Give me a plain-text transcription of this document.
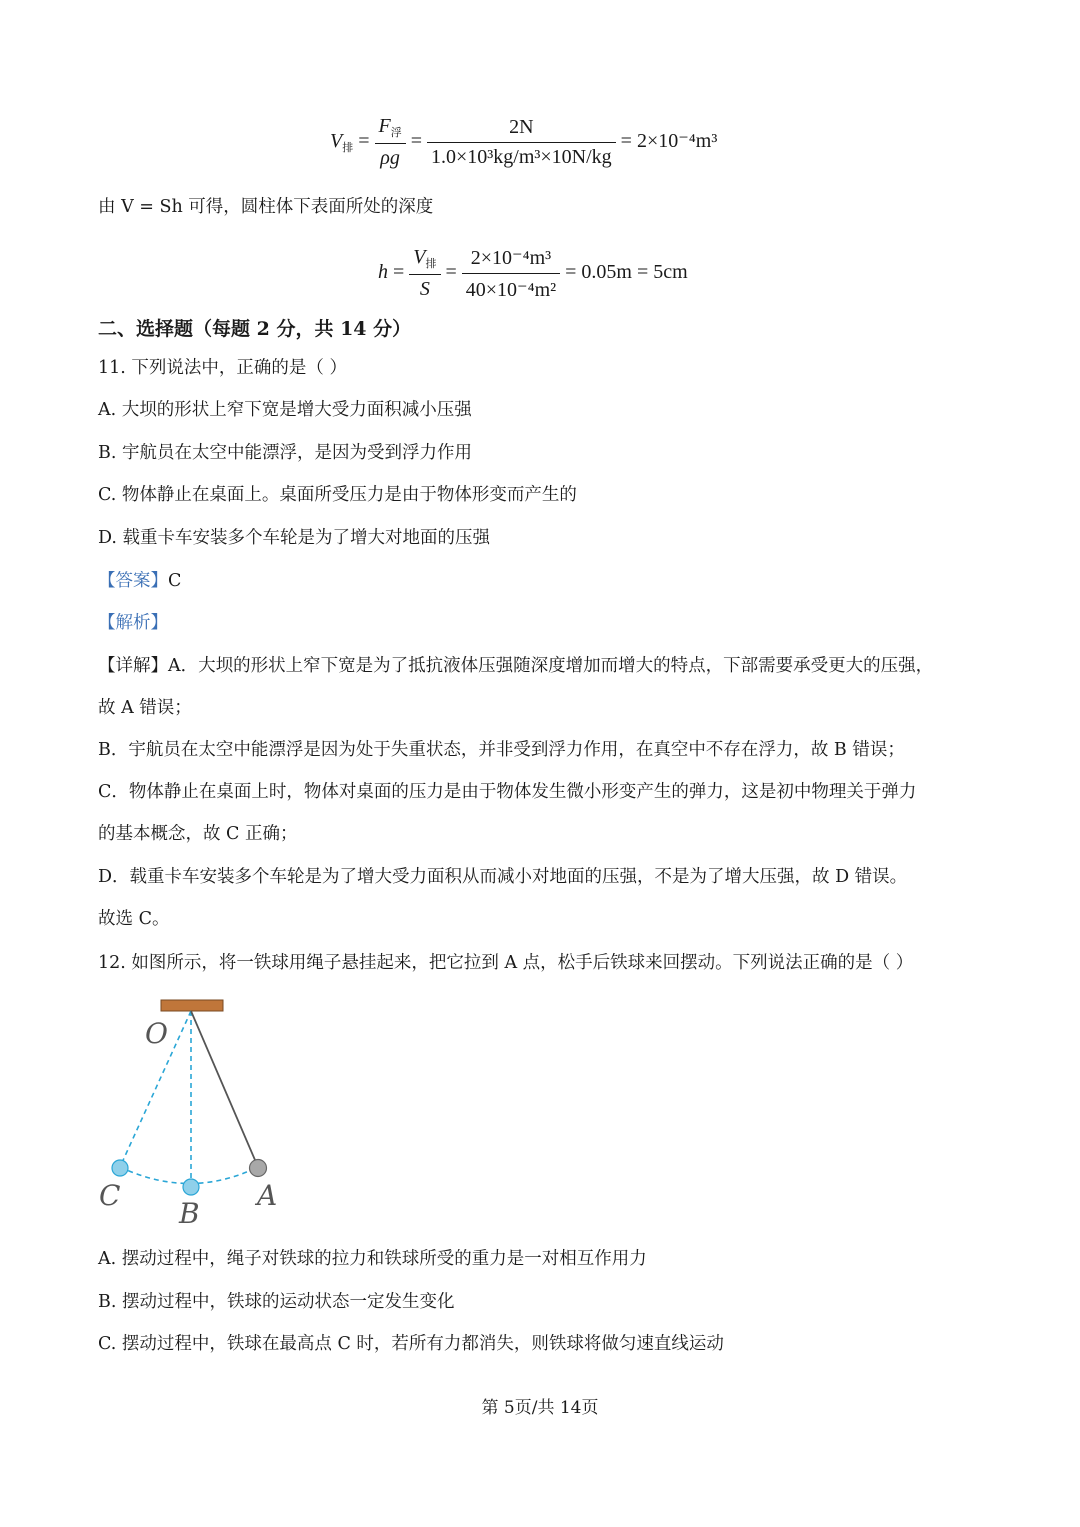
$V_排 = \frac{F_浮}{\rho g} = \frac{2N}{\text{1.0×10³kg/m³×10N/kg}} = 2\times 10^{-4}m^3$
由 V = Sh 可得，圆柱体下表面所处的深度
$h = \frac{V_排}{S} = \frac{\text{2×10⁻⁴m³}}{\text{40×10⁻⁴m²}} = 0.05m = 5cm$
二、选择题（每题 2 分，共 14 分）
11. 下列说法中，正确的是（ ）
A. 大坝的形状上窄下宽是增大受力面积减小压强
B. 宇航员在太空中能漂浮，是因为受到浮力作用
C. 物体静止在桌面上。桌面所受压力是由于物体形变而产生的
D. 载重卡车安装多个车轮是为了增大对地面的压强
【答案】C
【解析】
【详解】A．大坝的形状上窄下宽是为了抵抗液体压强随深度增加而增大的特点，下部需要承受更大的压强，
故 A 错误；
B．宇航员在太空中能漂浮是因为处于失重状态，并非受到浮力作用，在真空中不存在浮力，故 B 错误；
C．物体静止在桌面上时，物体对桌面的压力是由于物体发生微小形变产生的弹力，这是初中物理关于弹力
的基本概念，故 C 正确；
D．载重卡车安装多个车轮是为了增大受力面积从而减小对地面的压强，不是为了增大压强，故 D 错误。
故选 C。
12. 如图所示，将一铁球用绳子悬挂起来，把它拉到 A 点，松手后铁球来回摆动。下列说法正确的是（ ）
O
C
B
A
A. 摆动过程中，绳子对铁球的拉力和铁球所受的重力是一对相互作用力
B. 摆动过程中，铁球的运动状态一定发生变化
C. 摆动过程中，铁球在最高点 C 时，若所有力都消失，则铁球将做匀速直线运动
第 5页/共 14页
